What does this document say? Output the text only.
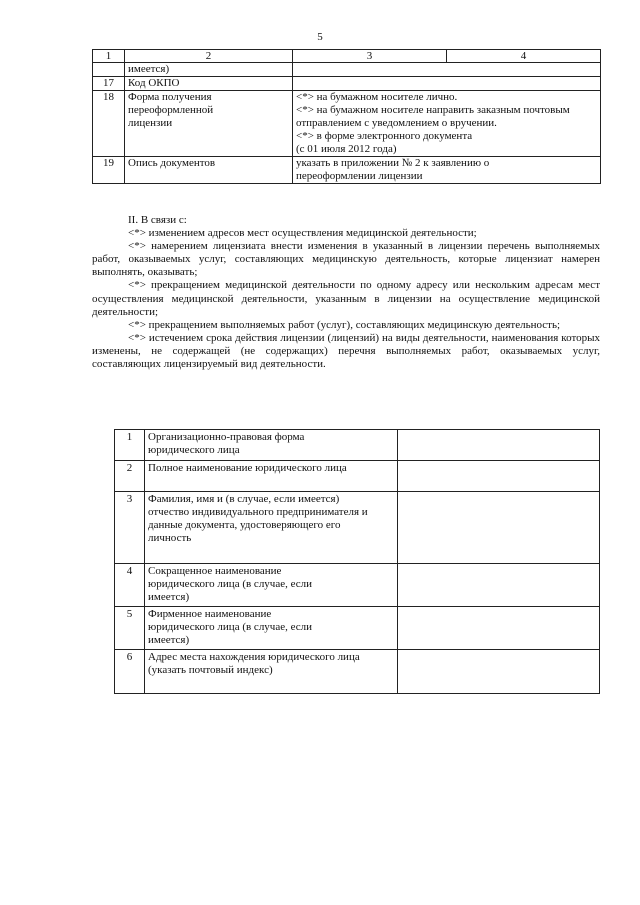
5
1	2	3	4
	имеется)		
17	Код ОКПО		
18	Форма получения переоформленной лицензии	<*> на бумажном носителе лично.
<*> на бумажном носителе направить заказным почтовым отправлением с уведомлением о вручении.
<*> в форме электронного документа
(с 01 июля 2012 года)	

19	Опись документов	указать в приложении № 2 к заявлению о переоформлении лицензии	

II. В связи с:

<*> изменением адресов мест осуществления медицинской деятельности;

<*> намерением лицензиата внести изменения в указанный в лицензии перечень выполняемых работ, оказываемых услуг, составляющих медицинскую деятельность, которые лицензиат намерен выполнять, оказывать;

<*> прекращением медицинской деятельности по одному адресу или нескольким адресам мест осуществления медицинской деятельности, указанным в лицензии на осуществление медицинской деятельности;

<*> прекращением выполняемых работ (услуг), составляющих медицинскую деятельность;

<*> истечением срока действия лицензии (лицензий) на виды деятельности, наименования которых изменены, не содержащей (не содержащих) перечня выполняемых работ, оказываемых услуг, составляющих лицензируемый вид деятельности.

1	Организационно-правовая форма юридического лица	
2	Полное наименование юридического лица	
3	Фамилия, имя и (в случае, если имеется) отчество индивидуального предпринимателя и данные документа, удостоверяющего его личность	
4	Сокращенное наименование юридического лица (в случае, если имеется)	
5	Фирменное наименование юридического лица (в случае, если имеется)	
6	Адрес места нахождения юридического лица (указать почтовый индекс)	
